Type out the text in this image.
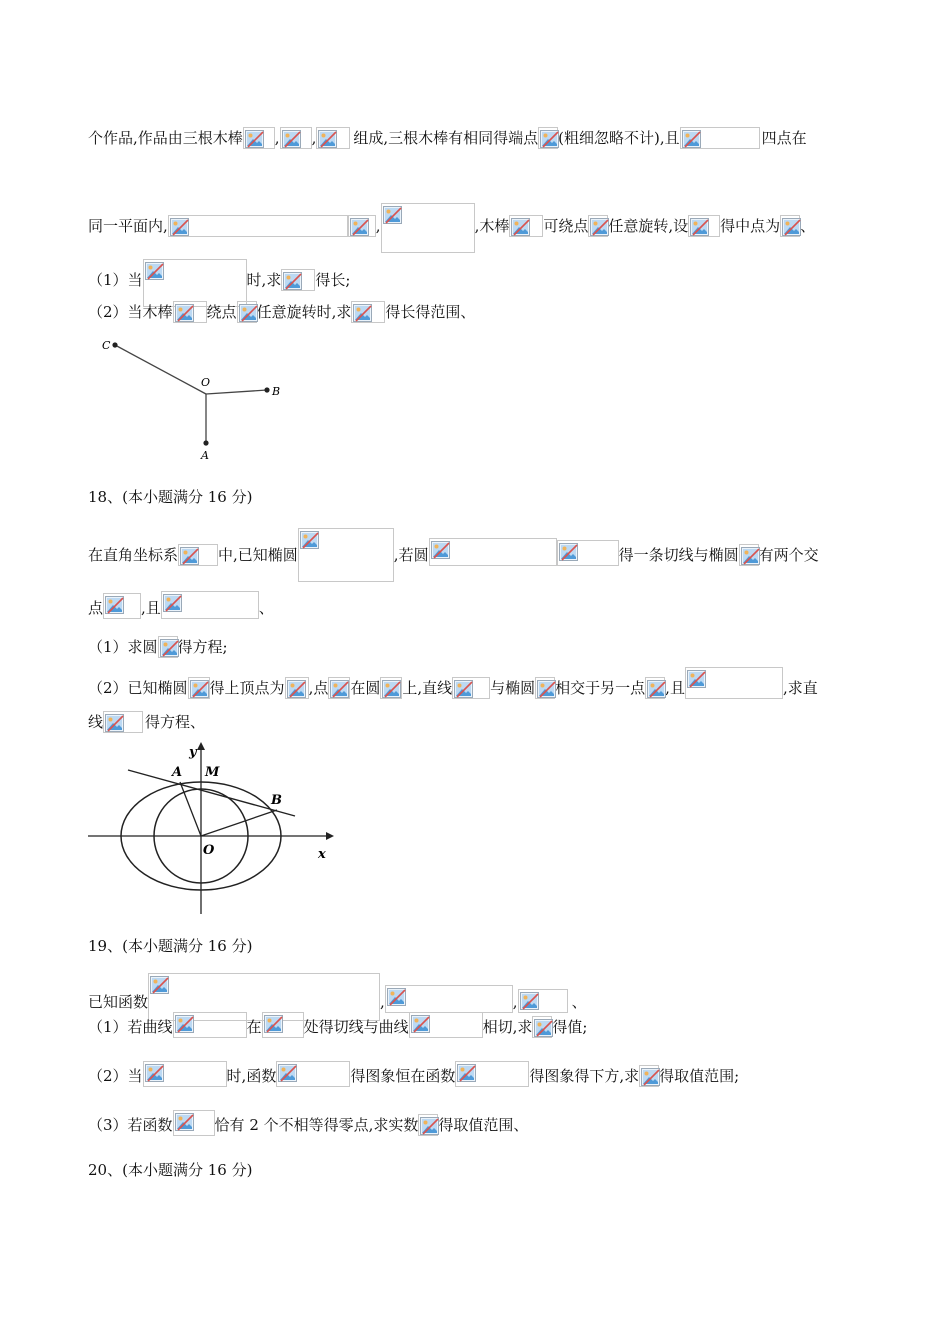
个作品,作品由三根木棒 , , 组成,三根木棒有相同得端点 (粗细忽略不计),且	四点在
同一平面内,	,	,木棒 可绕点 任意旋转,设 得中点为 、
（1）当	时,求 得长;
（2）当木棒 绕点 任意旋转时,求 得长得范围、
C
O
B
A
18、(本小题满分 16 分)
在直角坐标系	中,已知椭圆	,若圆	得一条切线与椭圆 有两个交
点	,且	、
（1）求圆 得方程;
（2）已知椭圆 得上顶点为 ,点 在圆 上,直线	与椭圆 相交于另一点 ,且	,求直
线	得方程、
y
A M
B
O	x
19、(本小题满分 16 分)
已知函数	,	,	、
（1）若曲线	在	处得切线与曲线	相切,求 得值;
（2）当	时,函数	得图象恒在函数	得图象得下方,求 得取值范围;
（3）若函数	恰有 2 个不相等得零点,求实数 得取值范围、
20、(本小题满分 16 分)
